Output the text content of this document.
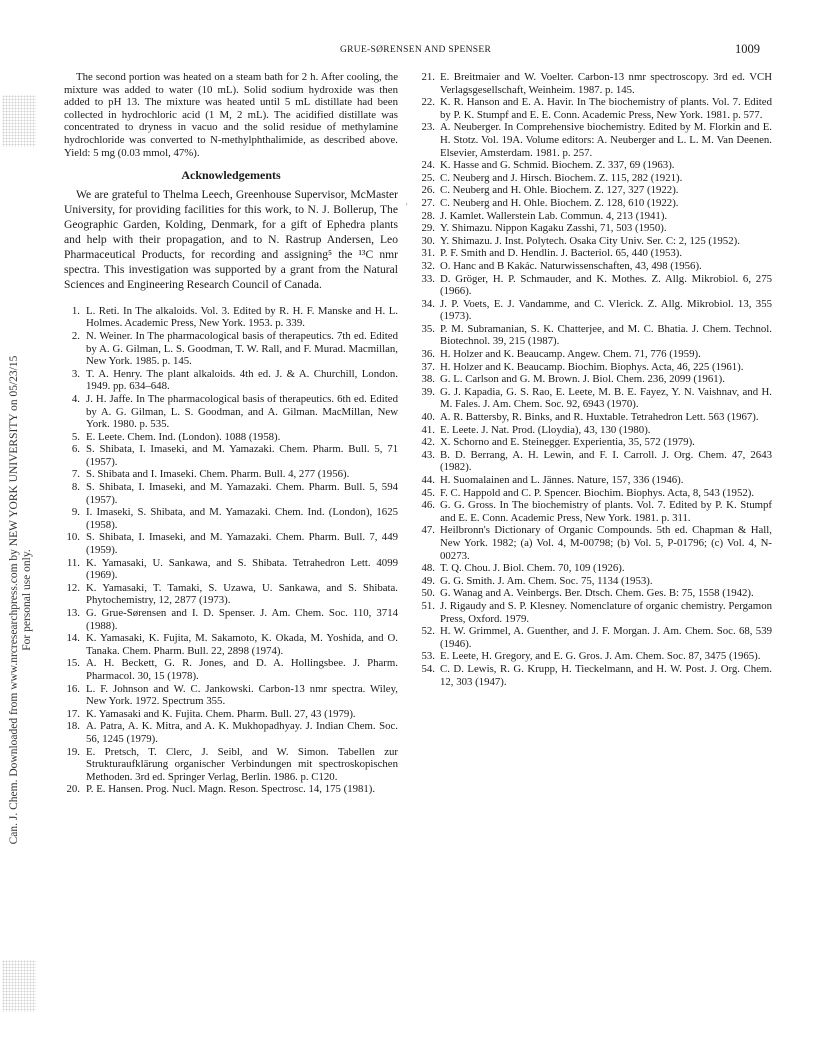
GRUE-SØRENSEN AND SPENSER	1009
Can. J. Chem. Downloaded from www.nrcresearchpress.com by NEW YORK UNIVERSITY on 05/23/15 For personal use only.
'

The second portion was heated on a steam bath for 2 h. After cooling, the mixture was added to water (10 mL). Solid sodium hydroxide was then added to pH 13. The mixture was heated until 5 mL distillate had been collected in hydrochloric acid (1 M, 2 mL). The acidified distillate was concentrated to dryness in vacuo and the solid residue of methylamine hydrochloride was converted to N-methylphthalimide, as described above. Yield: 5 mg (0.03 mmol, 47%).

Acknowledgements

We are grateful to Thelma Leech, Greenhouse Supervisor, McMaster University, for providing facilities for this work, to N. J. Bollerup, The Geographic Garden, Kolding, Denmark, for a gift of Ephedra plants and help with their propagation, and to N. Rastrup Andersen, Leo Pharmaceutical Products, for recording and assigning⁵ the ¹³C nmr spectra. This investigation was supported by a grant from the Natural Sciences and Engineering Research Council of Canada.

1. L. Reti. In The alkaloids. Vol. 3. Edited by R. H. F. Manske and H. L. Holmes. Academic Press, New York. 1953. p. 339.
2. N. Weiner. In The pharmacological basis of therapeutics. 7th ed. Edited by A. G. Gilman, L. S. Goodman, T. W. Rall, and F. Murad. Macmillan, New York. 1985. p. 145.
3. T. A. Henry. The plant alkaloids. 4th ed. J. & A. Churchill, London. 1949. pp. 634–648.
4. J. H. Jaffe. In The pharmacological basis of therapeutics. 6th ed. Edited by A. G. Gilman, L. S. Goodman, and A. Gilman. MacMillan, New York. 1980. p. 535.
5. E. Leete. Chem. Ind. (London). 1088 (1958).
6. S. Shibata, I. Imaseki, and M. Yamazaki. Chem. Pharm. Bull. 5, 71 (1957).
7. S. Shibata and I. Imaseki. Chem. Pharm. Bull. 4, 277 (1956).
8. S. Shibata, I. Imaseki, and M. Yamazaki. Chem. Pharm. Bull. 5, 594 (1957).
9. I. Imaseki, S. Shibata, and M. Yamazaki. Chem. Ind. (London), 1625 (1958).
10. S. Shibata, I. Imaseki, and M. Yamazaki. Chem. Pharm. Bull. 7, 449 (1959).
11. K. Yamasaki, U. Sankawa, and S. Shibata. Tetrahedron Lett. 4099 (1969).
12. K. Yamasaki, T. Tamaki, S. Uzawa, U. Sankawa, and S. Shibata. Phytochemistry, 12, 2877 (1973).
13. G. Grue-Sørensen and I. D. Spenser. J. Am. Chem. Soc. 110, 3714 (1988).
14. K. Yamasaki, K. Fujita, M. Sakamoto, K. Okada, M. Yoshida, and O. Tanaka. Chem. Pharm. Bull. 22, 2898 (1974).
15. A. H. Beckett, G. R. Jones, and D. A. Hollingsbee. J. Pharm. Pharmacol. 30, 15 (1978).
16. L. F. Johnson and W. C. Jankowski. Carbon-13 nmr spectra. Wiley, New York. 1972. Spectrum 355.
17. K. Yamasaki and K. Fujita. Chem. Pharm. Bull. 27, 43 (1979).
18. A. Patra, A. K. Mitra, and A. K. Mukhopadhyay. J. Indian Chem. Soc. 56, 1245 (1979).
19. E. Pretsch, T. Clerc, J. Seibl, and W. Simon. Tabellen zur Strukturaufklärung organischer Verbindungen mit spectroskopischen Methoden. 3rd ed. Springer Verlag, Berlin. 1986. p. C120.
20. P. E. Hansen. Prog. Nucl. Magn. Reson. Spectrosc. 14, 175 (1981).
21. E. Breitmaier and W. Voelter. Carbon-13 nmr spectroscopy. 3rd ed. VCH Verlagsgesellschaft, Weinheim. 1987. p. 145.
22. K. R. Hanson and E. A. Havir. In The biochemistry of plants. Vol. 7. Edited by P. K. Stumpf and E. E. Conn. Academic Press, New York. 1981. p. 577.
23. A. Neuberger. In Comprehensive biochemistry. Edited by M. Florkin and E. H. Stotz. Vol. 19A. Volume editors: A. Neuberger and L. L. M. Van Deenen. Elsevier, Amsterdam. 1981. p. 257.
24. K. Hasse and G. Schmid. Biochem. Z. 337, 69 (1963).
25. C. Neuberg and J. Hirsch. Biochem. Z. 115, 282 (1921).
26. C. Neuberg and H. Ohle. Biochem. Z. 127, 327 (1922).
27. C. Neuberg and H. Ohle. Biochem. Z. 128, 610 (1922).
28. J. Kamlet. Wallerstein Lab. Commun. 4, 213 (1941).
29. Y. Shimazu. Nippon Kagaku Zasshi, 71, 503 (1950).
30. Y. Shimazu. J. Inst. Polytech. Osaka City Univ. Ser. C: 2, 125 (1952).
31. P. F. Smith and D. Hendlin. J. Bacteriol. 65, 440 (1953).
32. O. Hanc and B Kakác. Naturwissenschaften, 43, 498 (1956).
33. D. Gröger, H. P. Schmauder, and K. Mothes. Z. Allg. Mikrobiol. 6, 275 (1966).
34. J. P. Voets, E. J. Vandamme, and C. Vlerick. Z. Allg. Mikrobiol. 13, 355 (1973).
35. P. M. Subramanian, S. K. Chatterjee, and M. C. Bhatia. J. Chem. Technol. Biotechnol. 39, 215 (1987).
36. H. Holzer and K. Beaucamp. Angew. Chem. 71, 776 (1959).
37. H. Holzer and K. Beaucamp. Biochim. Biophys. Acta, 46, 225 (1961).
38. G. L. Carlson and G. M. Brown. J. Biol. Chem. 236, 2099 (1961).
39. G. J. Kapadia, G. S. Rao, E. Leete, M. B. E. Fayez, Y. N. Vaishnav, and H. M. Fales. J. Am. Chem. Soc. 92, 6943 (1970).
40. A. R. Battersby, R. Binks, and R. Huxtable. Tetrahedron Lett. 563 (1967).
41. E. Leete. J. Nat. Prod. (Lloydia), 43, 130 (1980).
42. X. Schorno and E. Steinegger. Experientia, 35, 572 (1979).
43. B. D. Berrang, A. H. Lewin, and F. I. Carroll. J. Org. Chem. 47, 2643 (1982).
44. H. Suomalainen and L. Jännes. Nature, 157, 336 (1946).
45. F. C. Happold and C. P. Spencer. Biochim. Biophys. Acta, 8, 543 (1952).
46. G. G. Gross. In The biochemistry of plants. Vol. 7. Edited by P. K. Stumpf and E. E. Conn. Academic Press, New York. 1981. p. 311.
47. Heilbronn's Dictionary of Organic Compounds. 5th ed. Chapman & Hall, New York. 1982; (a) Vol. 4, M-00798; (b) Vol. 5, P-01796; (c) Vol. 4, N-00273.
48. T. Q. Chou. J. Biol. Chem. 70, 109 (1926).
49. G. G. Smith. J. Am. Chem. Soc. 75, 1134 (1953).
50. G. Wanag and A. Veinbergs. Ber. Dtsch. Chem. Ges. B: 75, 1558 (1942).
51. J. Rigaudy and S. P. Klesney. Nomenclature of organic chemistry. Pergamon Press, Oxford. 1979.
52. H. W. Grimmel, A. Guenther, and J. F. Morgan. J. Am. Chem. Soc. 68, 539 (1946).
53. E. Leete, H. Gregory, and E. G. Gros. J. Am. Chem. Soc. 87, 3475 (1965).
54. C. D. Lewis, R. G. Krupp, H. Tieckelmann, and H. W. Post. J. Org. Chem. 12, 303 (1947).
